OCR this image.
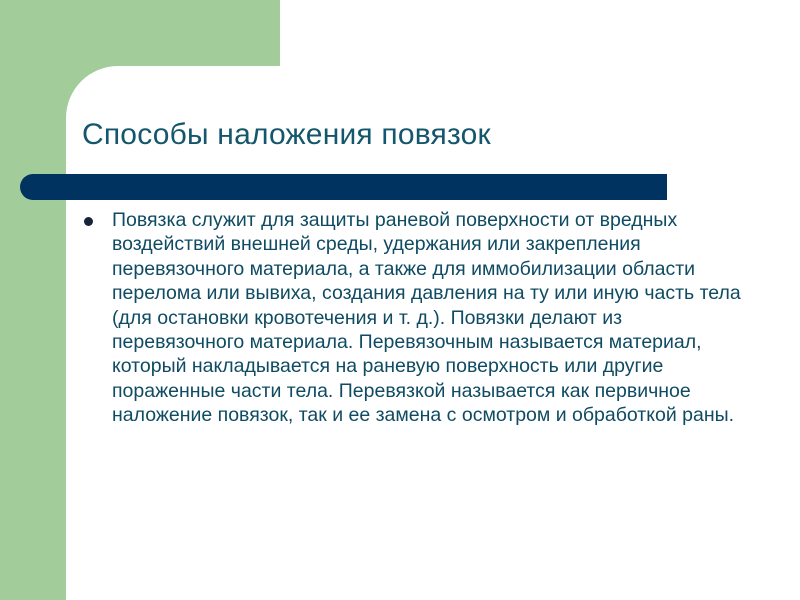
Способы наложения повязок
Повязка служит для защиты раневой поверхности от вредных воздействий внешней среды, удержания или закрепления перевязочного материала, а также для иммобилизации области перелома или вывиха, создания давления на ту или иную часть тела (для остановки кровотечения и т. д.). Повязки делают из перевязочного материала. Перевязочным называется материал, который накладывается на раневую поверхность или другие пораженные части тела. Перевязкой называется как первичное наложение повязок, так и ее замена с осмотром и обработкой раны.
